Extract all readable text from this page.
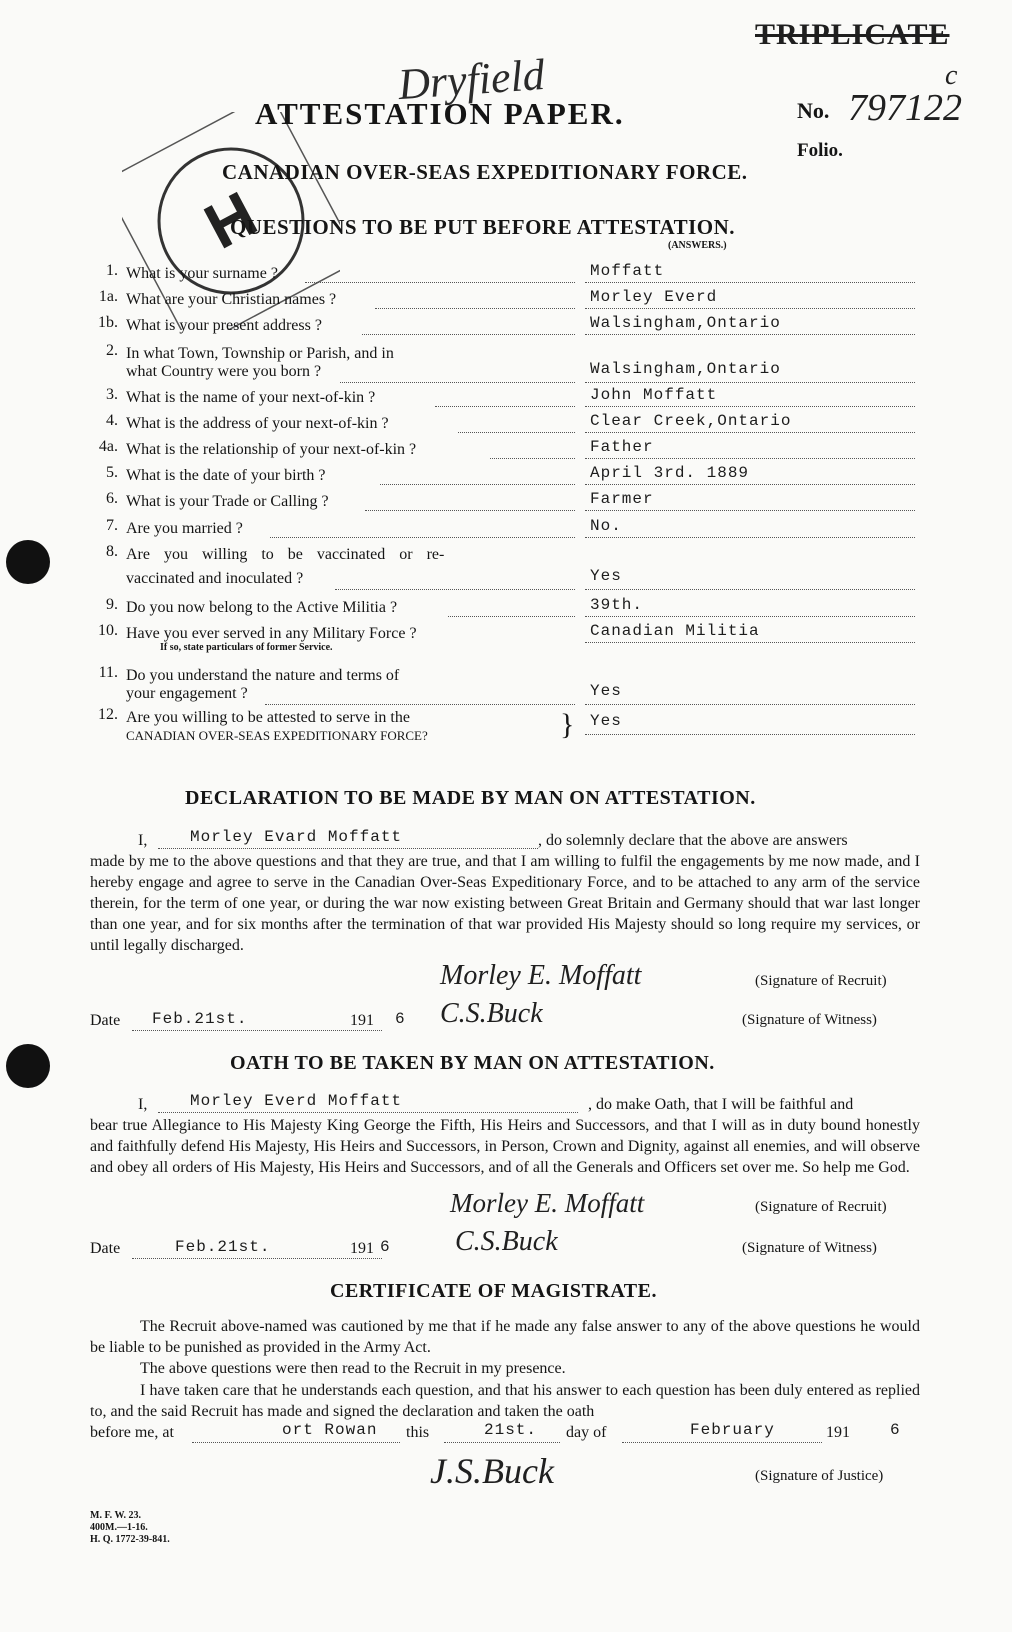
TRIPLICATE
Dryfield	c
H
ATTESTATION PAPER.	No. 797122
Folio.
CANADIAN OVER-SEAS EXPEDITIONARY FORCE.
QUESTIONS TO BE PUT BEFORE ATTESTATION.
(ANSWERS.)
1. What is your surname ?	Moffatt
1a. What are your Christian names ?	Morley Everd
1b. What is your present address ?	Walsingham,Ontario
2. In what Town, Township or Parish, and in
what Country were you born ?	Walsingham,Ontario
3. What is the name of your next-of-kin ?	John Moffatt
4. What is the address of your next-of-kin ?	Clear Creek,Ontario
4a. What is the relationship of your next-of-kin ?	Father
5. What is the date of your birth ?	April 3rd. 1889
6. What is your Trade or Calling ?	Farmer
7. Are you married ?	No.
8. Are you willing to be vaccinated or re-
vaccinated and inoculated ?	Yes
9. Do you now belong to the Active Militia ?	39th.
10. Have you ever served in any Military Force ?
If so, state particulars of former Service.
Canadian Militia
11. Do you understand the nature and terms of
your engagement ?	Yes
12. Are you willing to be attested to serve in the
CANADIAN OVER-SEAS EXPEDITIONARY FORCE?	} Yes
DECLARATION TO BE MADE BY MAN ON ATTESTATION.
I,	Morley Evard Moffatt	, do solemnly declare that the above are answers
made by me to the above questions and that they are true, and that I am willing to fulfil the engagements by me now made, and I hereby engage and agree to serve in the Canadian Over-Seas Expeditionary Force, and to be attached to any arm of the service therein, for the term of one year, or during the war now existing between Great Britain and Germany should that war last longer than one year, and for six months after the termination of that war provided His Majesty should so long require my services, or until legally discharged.
Morley E. Moffatt	(Signature of Recruit)
Date Feb.21st.	191 6 C.S.Buck	(Signature of Witness)
OATH TO BE TAKEN BY MAN ON ATTESTATION.
I,	Morley Everd Moffatt	, do make Oath, that I will be faithful and
bear true Allegiance to His Majesty King George the Fifth, His Heirs and Successors, and that I will as in duty bound honestly and faithfully defend His Majesty, His Heirs and Successors, in Person, Crown and Dignity, against all enemies, and will observe and obey all orders of His Majesty, His Heirs and Successors, and of all the Generals and Officers set over me. So help me God.
Morley E. Moffatt	(Signature of Recruit)
Date	Feb.21st.	191 6 C.S.Buck	(Signature of Witness)
CERTIFICATE OF MAGISTRATE.
The Recruit above-named was cautioned by me that if he made any false answer to any of the above questions he would be liable to be punished as provided in the Army Act.
The above questions were then read to the Recruit in my presence.
I have taken care that he understands each question, and that his answer to each question has been duly entered as replied to, and the said Recruit has made and signed the declaration and taken the oath
before me, at	ort Rowan this	21st. day of	February	191	6
J.S.Buck	(Signature of Justice)
M. F. W. 23.
400M.—1-16.
H. Q. 1772-39-841.
